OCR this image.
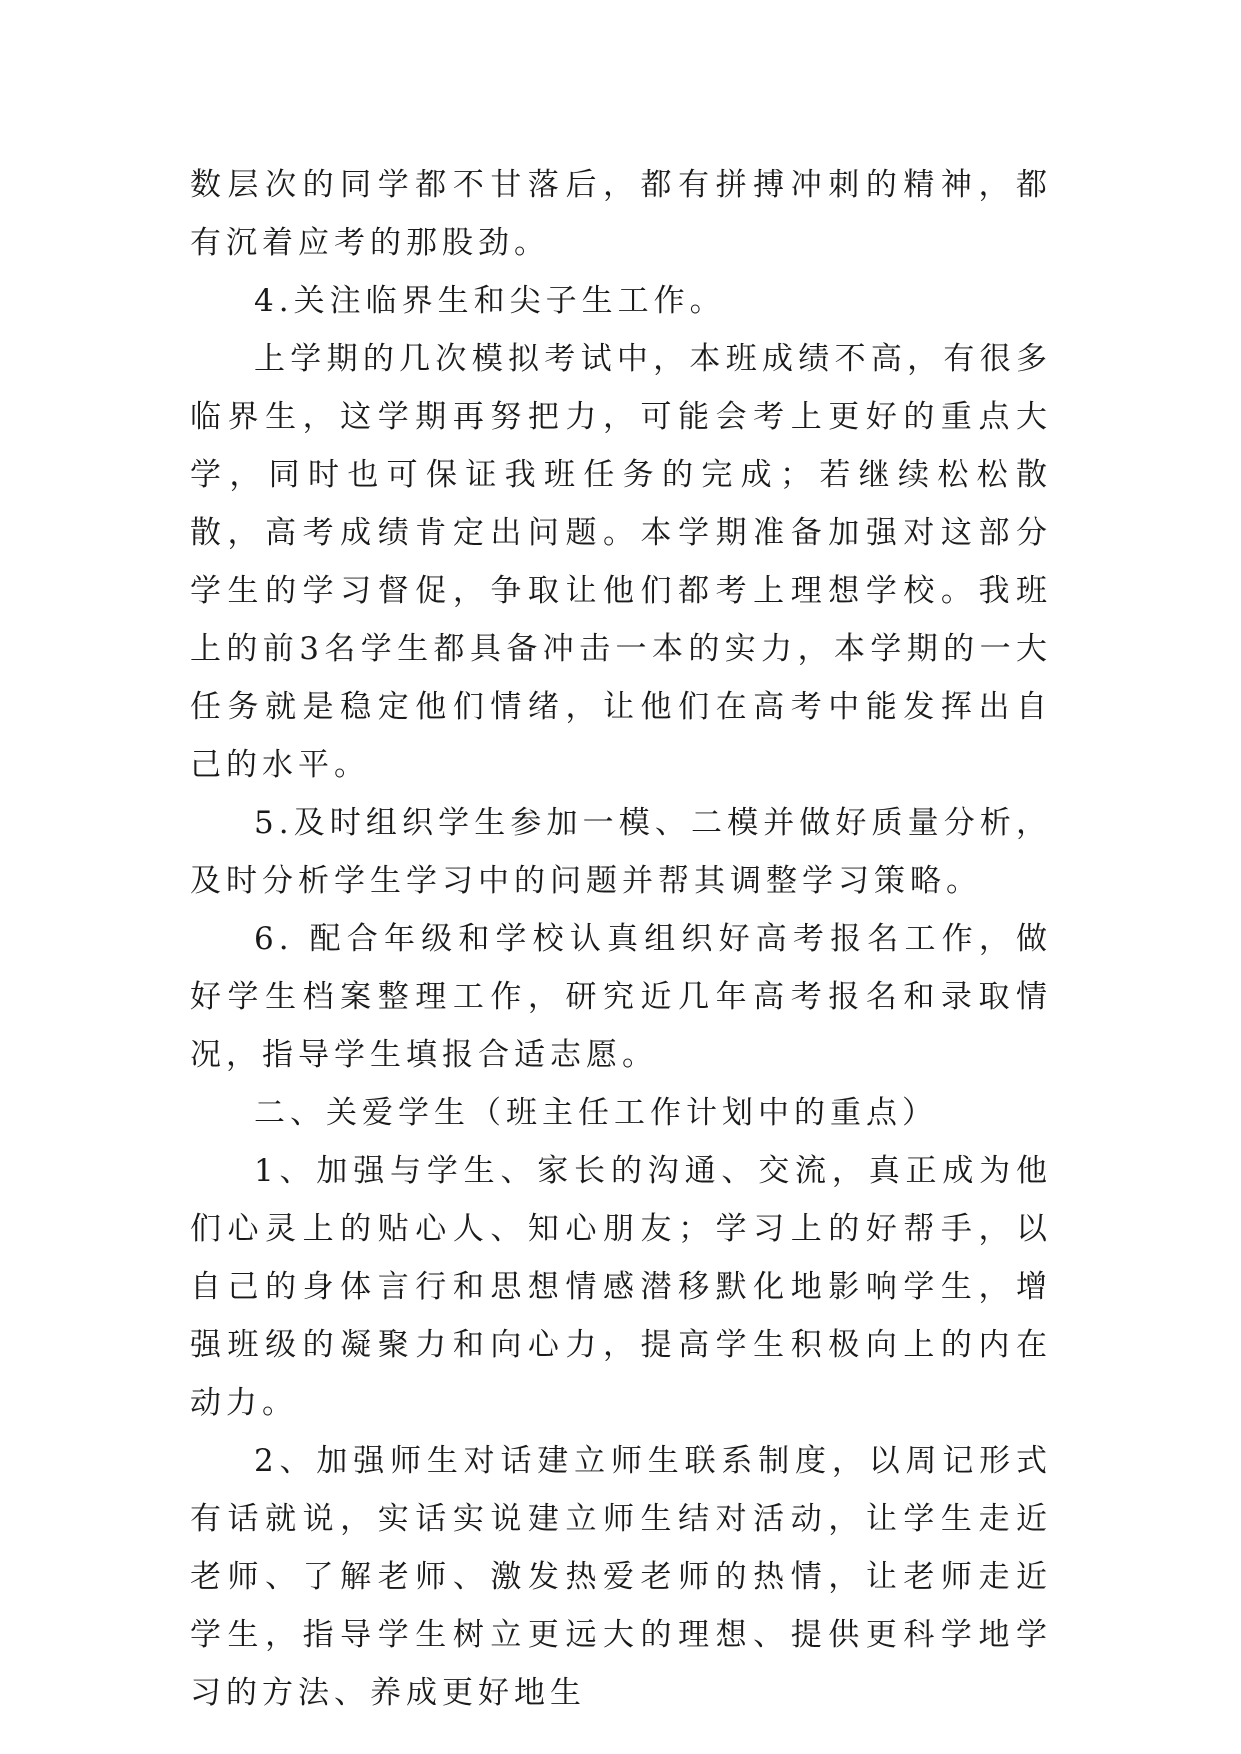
数层次的同学都不甘落后，都有拼搏冲刺的精神，都有沉着应考的那股劲。

4.关注临界生和尖子生工作。

上学期的几次模拟考试中，本班成绩不高，有很多临界生，这学期再努把力，可能会考上更好的重点大学，同时也可保证我班任务的完成；若继续松松散散，高考成绩肯定出问题。本学期准备加强对这部分学生的学习督促，争取让他们都考上理想学校。我班上的前3名学生都具备冲击一本的实力，本学期的一大任务就是稳定他们情绪，让他们在高考中能发挥出自己的水平。

5.及时组织学生参加一模、二模并做好质量分析，及时分析学生学习中的问题并帮其调整学习策略。

6. 配合年级和学校认真组织好高考报名工作，做好学生档案整理工作，研究近几年高考报名和录取情况，指导学生填报合适志愿。

二、关爱学生（班主任工作计划中的重点）

1、加强与学生、家长的沟通、交流，真正成为他们心灵上的贴心人、知心朋友；学习上的好帮手，以自己的身体言行和思想情感潜移默化地影响学生，增强班级的凝聚力和向心力，提高学生积极向上的内在动力。

2、加强师生对话建立师生联系制度，以周记形式有话就说，实话实说建立师生结对活动，让学生走近老师、了解老师、激发热爱老师的热情，让老师走近学生，指导学生树立更远大的理想、提供更科学地学习的方法、养成更好地生
